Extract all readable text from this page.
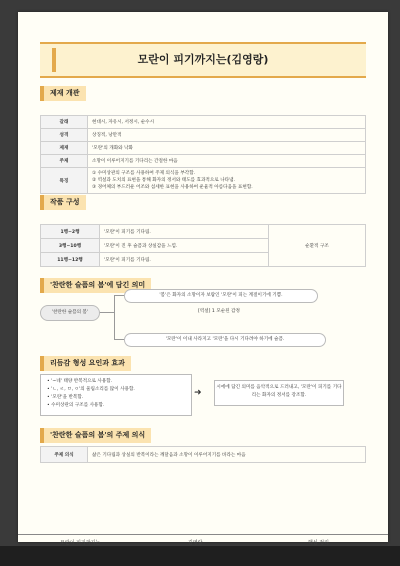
모란이 피기까지는(김영랑)
제재 개관
갈래	현대시, 자유시, 서정시, 순수시
성격	상징적, 낭만적
제재	'모란'의 개화와 낙화
주제	소망이 이루어지기를 기다리는 간절한 마음
특징	① 수미상관의 구조를 사용하여 주제 의식을 부각함.
② 역설과 도치의 표현을 통해 화자의 정서와 태도를 효과적으로 나타냄.
③ 경어체의 부드러운 어조와 섬세한 표현을 사용하여 운율적 아름다움을 표현함.
작품 구성
1행~2행	'모란'이 피기를 기다림.	순환적 구조
3행~10행	'모란'이 진 후 슬픔과 상실감을 느낌.	
11행~12행	'모란'이 피기를 기다림.	
'찬란한 슬픔의 봄'에 담긴 의미
'찬란한 슬픔의 봄'
'봄'은 화자의 소망이자 보람인 '모란'이 피는 계절이기에 기쁨.
[역설] 1 모순된 감정
'모란'이 이내 사라지고 '모란'을 다시 기다려야 하기에 슬픔.
리듬감 형성 요인과 효과
• '~네' 태양 반복적으로 사용함.
• 'ㄴ, ㄹ, ㅁ, ㅇ'의 울림소리를 많이 사용함.
• '모란'을 반복함.
• 수미상관의 구조를 사용함.
➜
시에에 담긴 의미를 음악적으로 드러내고, '모란'이 피기를 기다리는 화자의 정서를 강조함.
'찬란한 슬픔의 봄'의 주제 의식
주제 의식	삶은 기다림과 상실의 반복이라는 깨달음과 소망이 이루어지기를 바라는 마음
모란이 피기까지는	김영랑	핵심 정리
